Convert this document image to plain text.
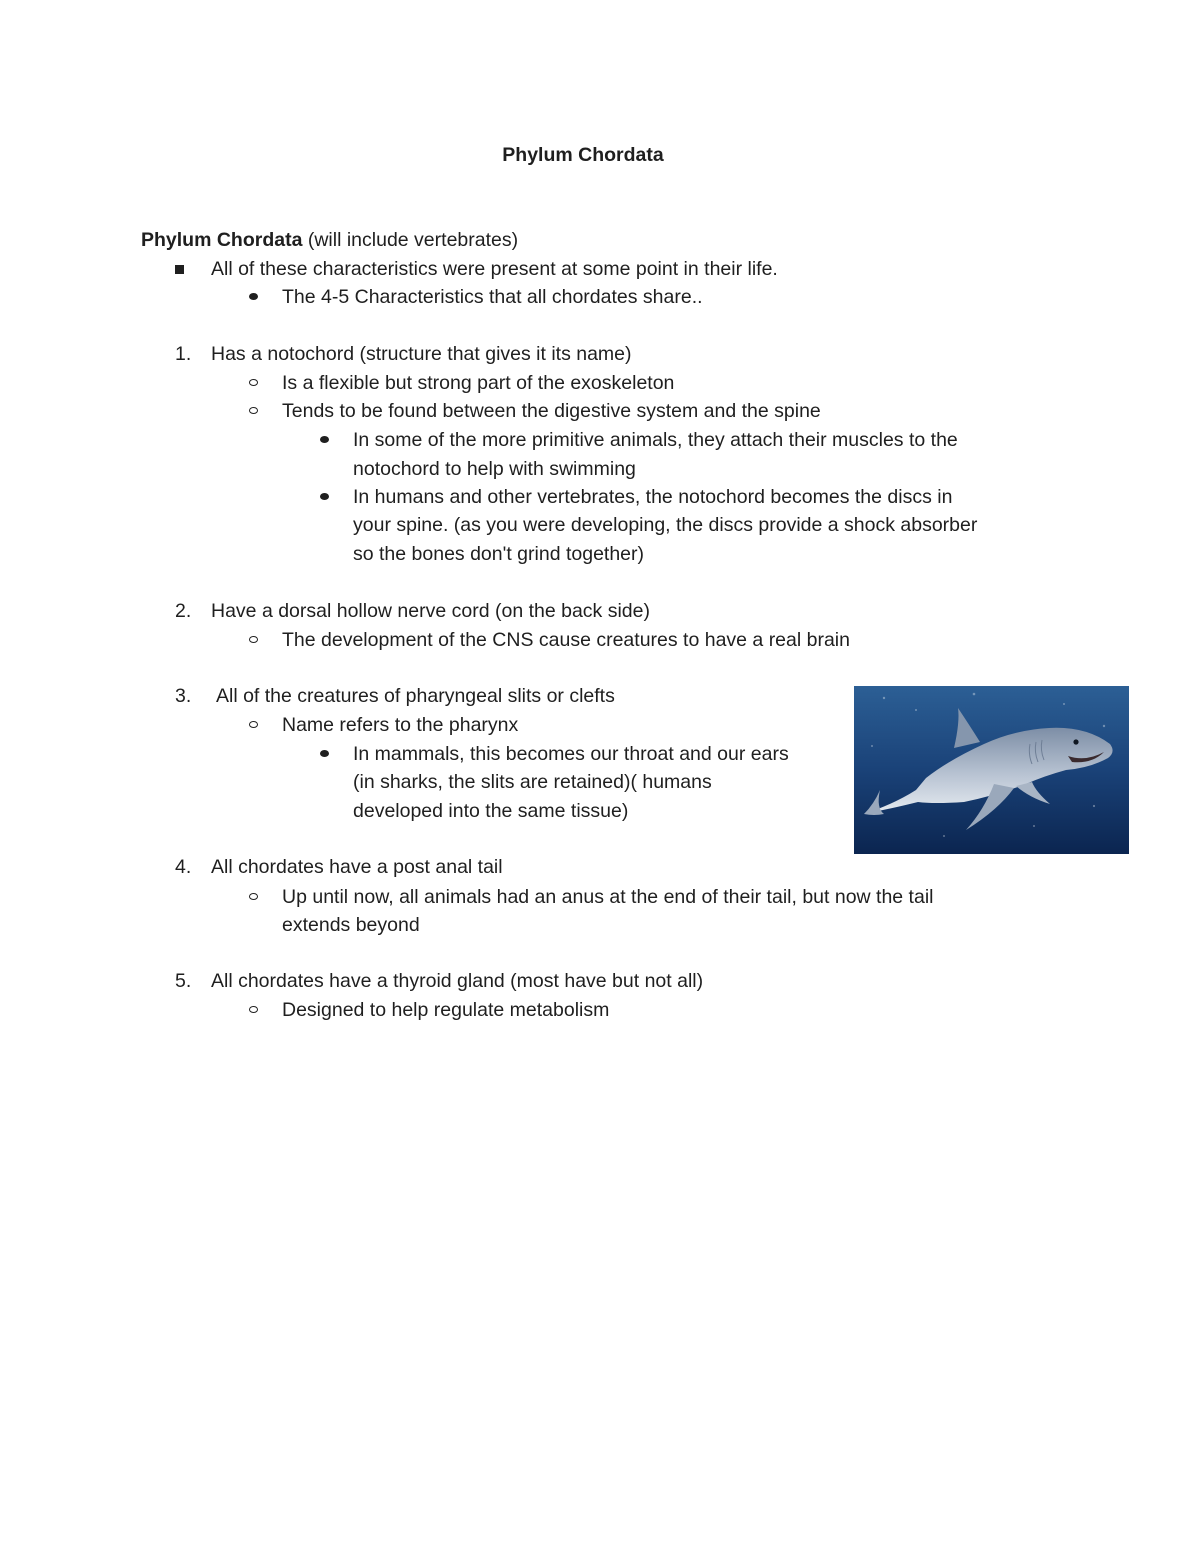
Phylum Chordata
Phylum Chordata (will include vertebrates)
All of these characteristics were present at some point in their life.
The 4-5 Characteristics that all chordates share..
1. Has a notochord (structure that gives it its name)
Is a flexible but strong part of the exoskeleton
Tends to be found between the digestive system and the spine
In some of the more primitive animals, they attach their muscles to the
notochord to help with swimming
In humans and other vertebrates, the notochord becomes the discs in
your spine. (as you were developing, the discs provide a shock absorber
so the bones don't grind together)
2. Have a dorsal hollow nerve cord (on the back side)
The development of the CNS cause creatures to have a real brain
3. All of the creatures of pharyngeal slits or clefts
Name refers to the pharynx
In mammals, this becomes our throat and our ears
(in sharks, the slits are retained)( humans
developed into the same tissue)
4. All chordates have a post anal tail
Up until now, all animals had an anus at the end of their tail, but now the tail
extends beyond
5. All chordates have a thyroid gland (most have but not all)
Designed to help regulate metabolism
